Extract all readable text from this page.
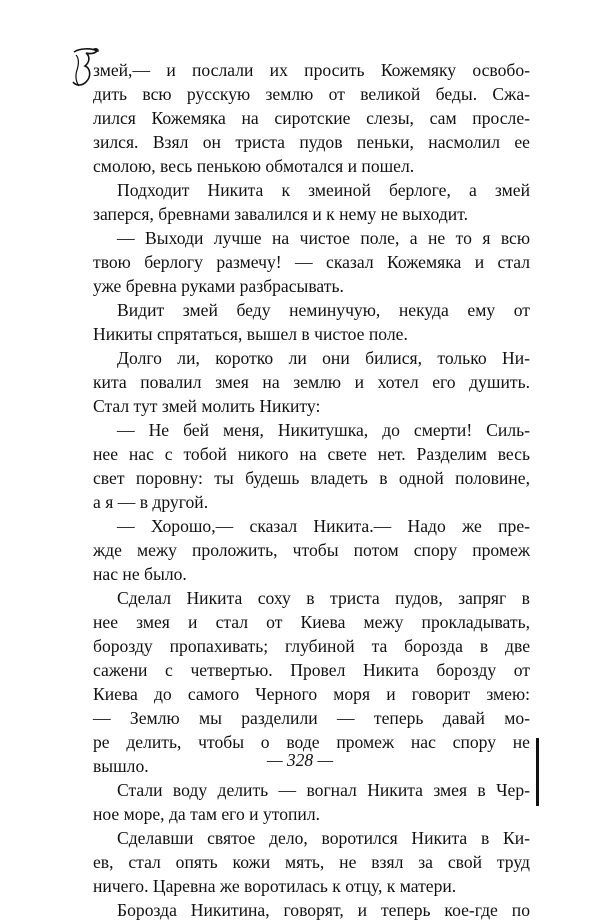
змей,— и послали их просить Кожемяку освобо-
дить всю русскую землю от великой беды. Сжа-
лился Кожемяка на сиротские слезы, сам просле-
зился. Взял он триста пудов пеньки, насмолил ее
смолою, весь пенькою обмотался и пошел.
Подходит Никита к змеиной берлоге, а змей
заперся, бревнами завалился и к нему не выходит.
— Выходи лучше на чистое поле, а не то я всю
твою берлогу размечу! — сказал Кожемяка и стал
уже бревна руками разбрасывать.
Видит змей беду неминучую, некуда ему от
Никиты спрятаться, вышел в чистое поле.
Долго ли, коротко ли они билися, только Ни-
кита повалил змея на землю и хотел его душить.
Стал тут змей молить Никиту:
— Не бей меня, Никитушка, до смерти! Силь-
нее нас с тобой никого на свете нет. Разделим весь
свет поровну: ты будешь владеть в одной половине,
а я — в другой.
— Хорошо,— сказал Никита.— Надо же пре-
жде межу проложить, чтобы потом спору промеж
нас не было.
Сделал Никита соху в триста пудов, запряг в
нее змея и стал от Киева межу прокладывать,
борозду пропахивать; глубиной та борозда в две
сажени с четвертью. Провел Никита борозду от
Киева до самого Черного моря и говорит змею:
— Землю мы разделили — теперь давай мо-
ре делить, чтобы о воде промеж нас спору не
вышло.
Стали воду делить — вогнал Никита змея в Чер-
ное море, да там его и утопил.
Сделавши святое дело, воротился Никита в Ки-
ев, стал опять кожи мять, не взял за свой труд
ничего. Царевна же воротилась к отцу, к матери.
Борозда Никитина, говорят, и теперь кое-где по
— 328 —
